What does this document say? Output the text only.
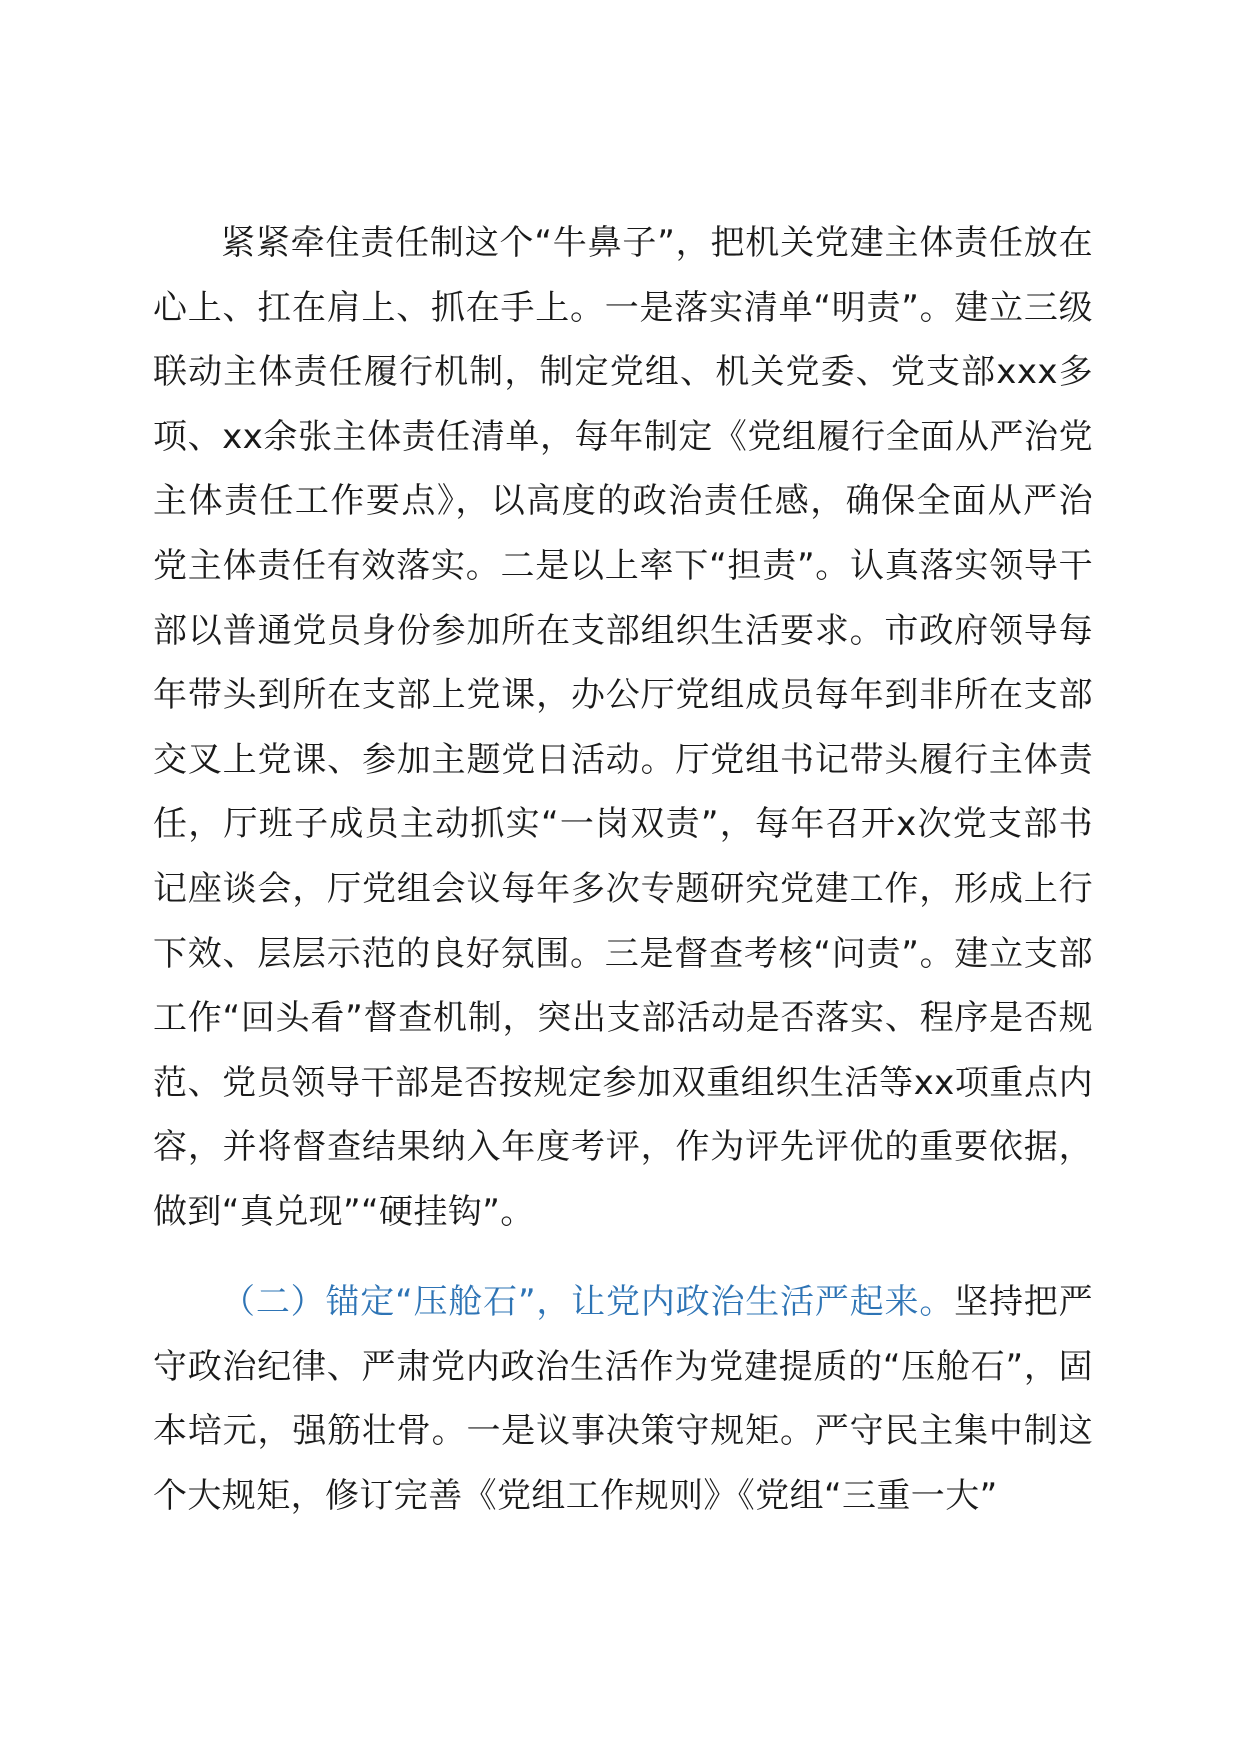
紧紧牵住责任制这个“牛鼻子”，把机关党建主体责任放在心上、扛在肩上、抓在手上。一是落实清单“明责”。建立三级联动主体责任履行机制，制定党组、机关党委、党支部xxx多项、xx余张主体责任清单，每年制定《党组履行全面从严治党主体责任工作要点》，以高度的政治责任感，确保全面从严治党主体责任有效落实。二是以上率下“担责”。认真落实领导干部以普通党员身份参加所在支部组织生活要求。市政府领导每年带头到所在支部上党课，办公厅党组成员每年到非所在支部交叉上党课、参加主题党日活动。厅党组书记带头履行主体责任，厅班子成员主动抓实“一岗双责”，每年召开x次党支部书记座谈会，厅党组会议每年多次专题研究党建工作，形成上行下效、层层示范的良好氛围。三是督查考核“问责”。建立支部工作“回头看”督查机制，突出支部活动是否落实、程序是否规范、党员领导干部是否按规定参加双重组织生活等xx项重点内容，并将督查结果纳入年度考评，作为评先评优的重要依据，做到“真兑现”“硬挂钩”。

（二）锚定“压舱石”，让党内政治生活严起来。坚持把严守政治纪律、严肃党内政治生活作为党建提质的“压舱石”，固本培元，强筋壮骨。一是议事决策守规矩。严守民主集中制这个大规矩，修订完善《党组工作规则》《党组“三重一大”
